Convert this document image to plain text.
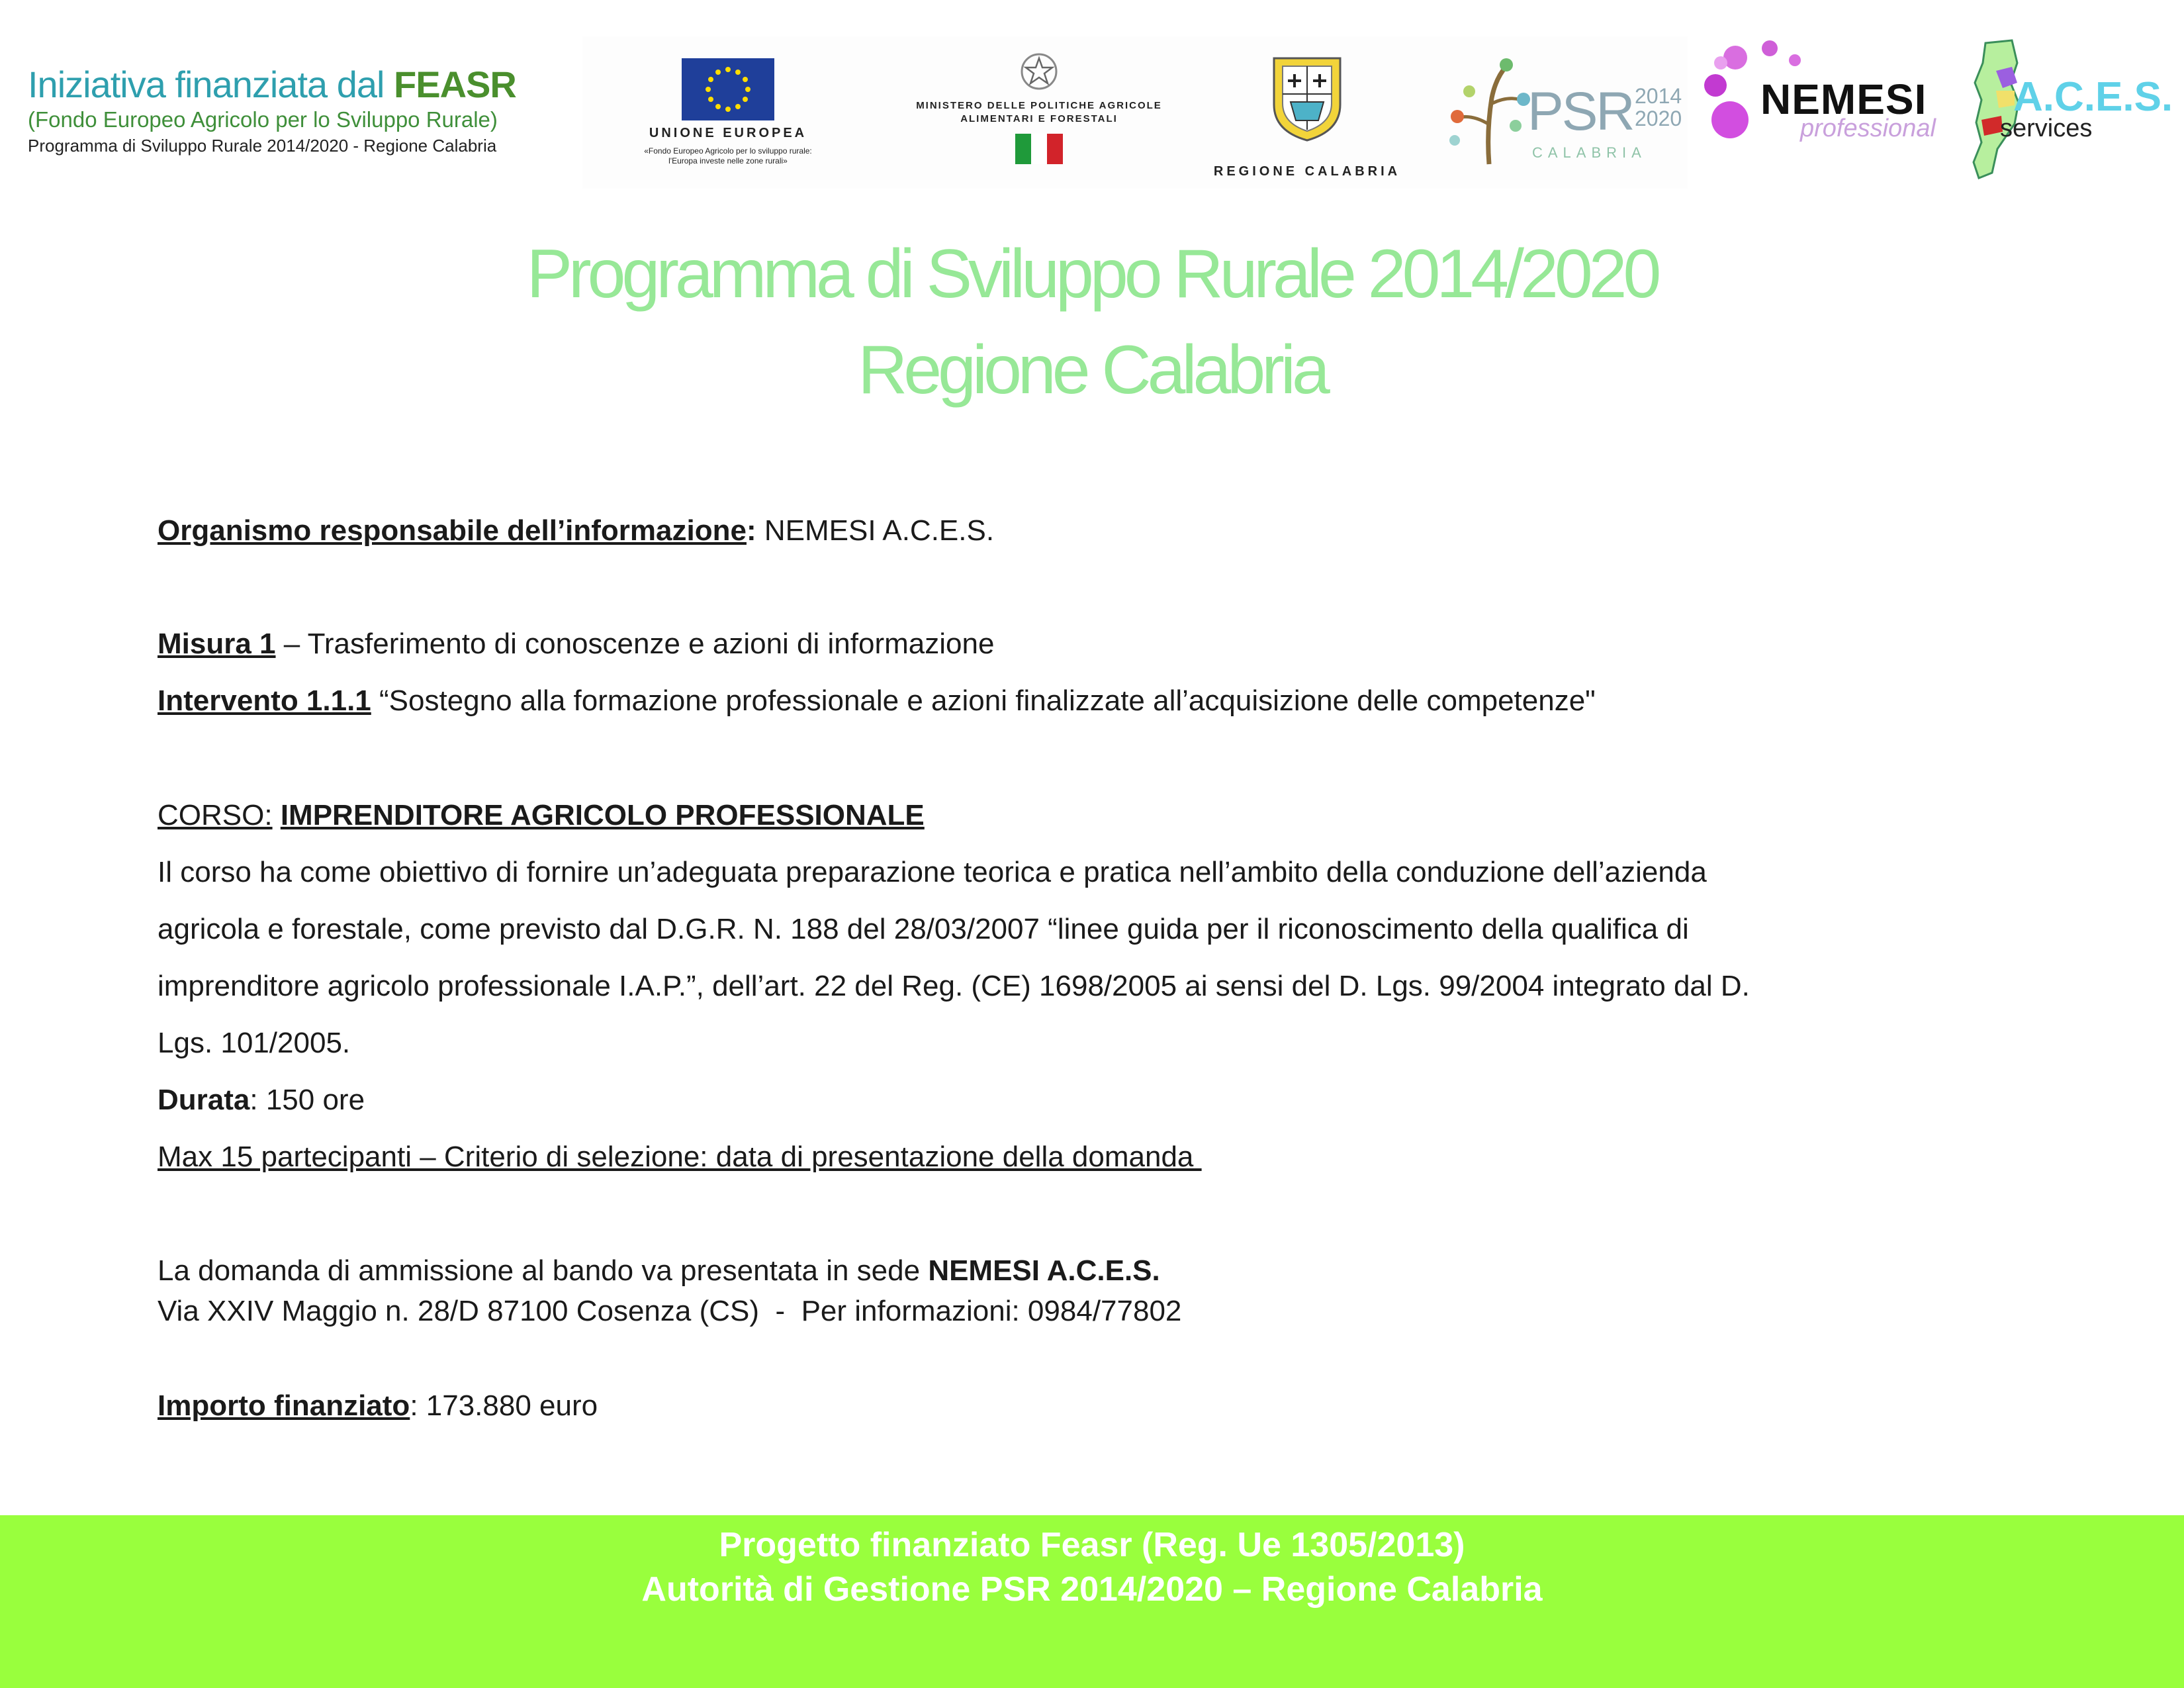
Iniziativa finanziata dal FEASR
(Fondo Europeo Agricolo per lo Sviluppo Rurale)
Programma di Sviluppo Rurale 2014/2020 - Regione Calabria
UNIONE EUROPEA
«Fondo Europeo Agricolo per lo sviluppo rurale:
l'Europa investe nelle zone rurali»
MINISTERO DELLE POLITICHE AGRICOLE
ALIMENTARI E FORESTALI
REGIONE CALABRIA
PSR 2014
2020
CALABRIA
NEMESI
professional
A.C.E.S.
services
Programma di Sviluppo Rurale 2014/2020
Regione Calabria
Organismo responsabile dell’informazione: NEMESI A.C.E.S.
Misura 1 – Trasferimento di conoscenze e azioni di informazione
Intervento 1.1.1 “Sostegno alla formazione professionale e azioni finalizzate all’acquisizione delle competenze"
CORSO: IMPRENDITORE AGRICOLO PROFESSIONALE
Il corso ha come obiettivo di fornire un’adeguata preparazione teorica e pratica nell’ambito della conduzione dell’azienda
agricola e forestale, come previsto dal D.G.R. N. 188 del 28/03/2007 “linee guida per il riconoscimento della qualifica di
imprenditore agricolo professionale I.A.P.”, dell’art. 22 del Reg. (CE) 1698/2005 ai sensi del D. Lgs. 99/2004 integrato dal D.
Lgs. 101/2005.
Durata: 150 ore
Max 15 partecipanti – Criterio di selezione: data di presentazione della domanda
La domanda di ammissione al bando va presentata in sede NEMESI A.C.E.S.
Via XXIV Maggio n. 28/D 87100 Cosenza (CS)  -  Per informazioni: 0984/77802
Importo finanziato: 173.880 euro
Progetto finanziato Feasr (Reg. Ue 1305/2013)
Autorità di Gestione PSR 2014/2020 – Regione Calabria
